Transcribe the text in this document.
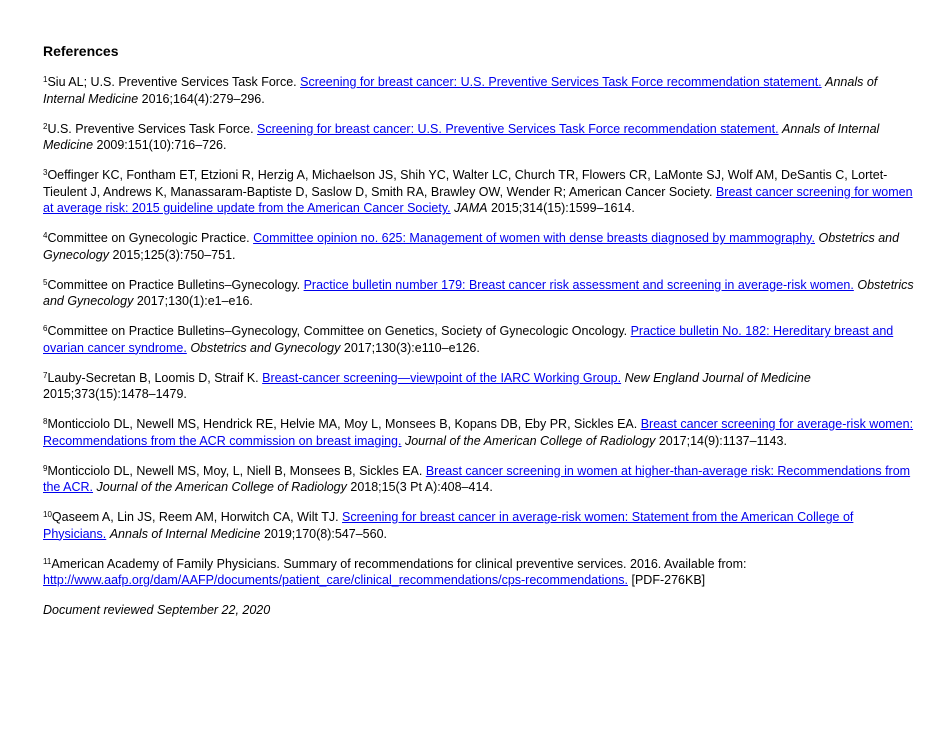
References

$^1$Siu AL; U.S. Preventive Services Task Force. Screening for breast cancer: U.S. Preventive Services Task Force recommendation statement. Annals of Internal Medicine 2016;164(4):279–296.

$^2$U.S. Preventive Services Task Force. Screening for breast cancer: U.S. Preventive Services Task Force recommendation statement. Annals of Internal Medicine 2009:151(10):716–726.

$^3$Oeffinger KC, Fontham ET, Etzioni R, Herzig A, Michaelson JS, Shih YC, Walter LC, Church TR, Flowers CR, LaMonte SJ, Wolf AM, DeSantis C, Lortet-Tieulent J, Andrews K, Manassaram-Baptiste D, Saslow D, Smith RA, Brawley OW, Wender R; American Cancer Society. Breast cancer screening for women at average risk: 2015 guideline update from the American Cancer Society. JAMA 2015;314(15):1599–1614.

$^4$Committee on Gynecologic Practice. Committee opinion no. 625: Management of women with dense breasts diagnosed by mammography. Obstetrics and Gynecology 2015;125(3):750–751.

$^5$Committee on Practice Bulletins–Gynecology. Practice bulletin number 179: Breast cancer risk assessment and screening in average-risk women. Obstetrics and Gynecology 2017;130(1):e1–e16.

$^6$Committee on Practice Bulletins–Gynecology, Committee on Genetics, Society of Gynecologic Oncology. Practice bulletin No. 182: Hereditary breast and ovarian cancer syndrome. Obstetrics and Gynecology 2017;130(3):e110–e126.

$^7$Lauby-Secretan B, Loomis D, Straif K. Breast-cancer screening—viewpoint of the IARC Working Group. New England Journal of Medicine 2015;373(15):1478–1479.

$^8$Monticciolo DL, Newell MS, Hendrick RE, Helvie MA, Moy L, Monsees B, Kopans DB, Eby PR, Sickles EA. Breast cancer screening for average-risk women: Recommendations from the ACR commission on breast imaging. Journal of the American College of Radiology 2017;14(9):1137–1143.

$^9$Monticciolo DL, Newell MS, Moy, L, Niell B, Monsees B, Sickles EA. Breast cancer screening in women at higher-than-average risk: Recommendations from the ACR. Journal of the American College of Radiology 2018;15(3 Pt A):408–414.

$^{10}$Qaseem A, Lin JS, Reem AM, Horwitch CA, Wilt TJ. Screening for breast cancer in average-risk women: Statement from the American College of Physicians. Annals of Internal Medicine 2019;170(8):547–560.

$^{11}$American Academy of Family Physicians. Summary of recommendations for clinical preventive services. 2016. Available from: http://www.aafp.org/dam/AAFP/documents/patient_care/clinical_recommendations/cps-recommendations. [PDF-276KB]

Document reviewed September 22, 2020
